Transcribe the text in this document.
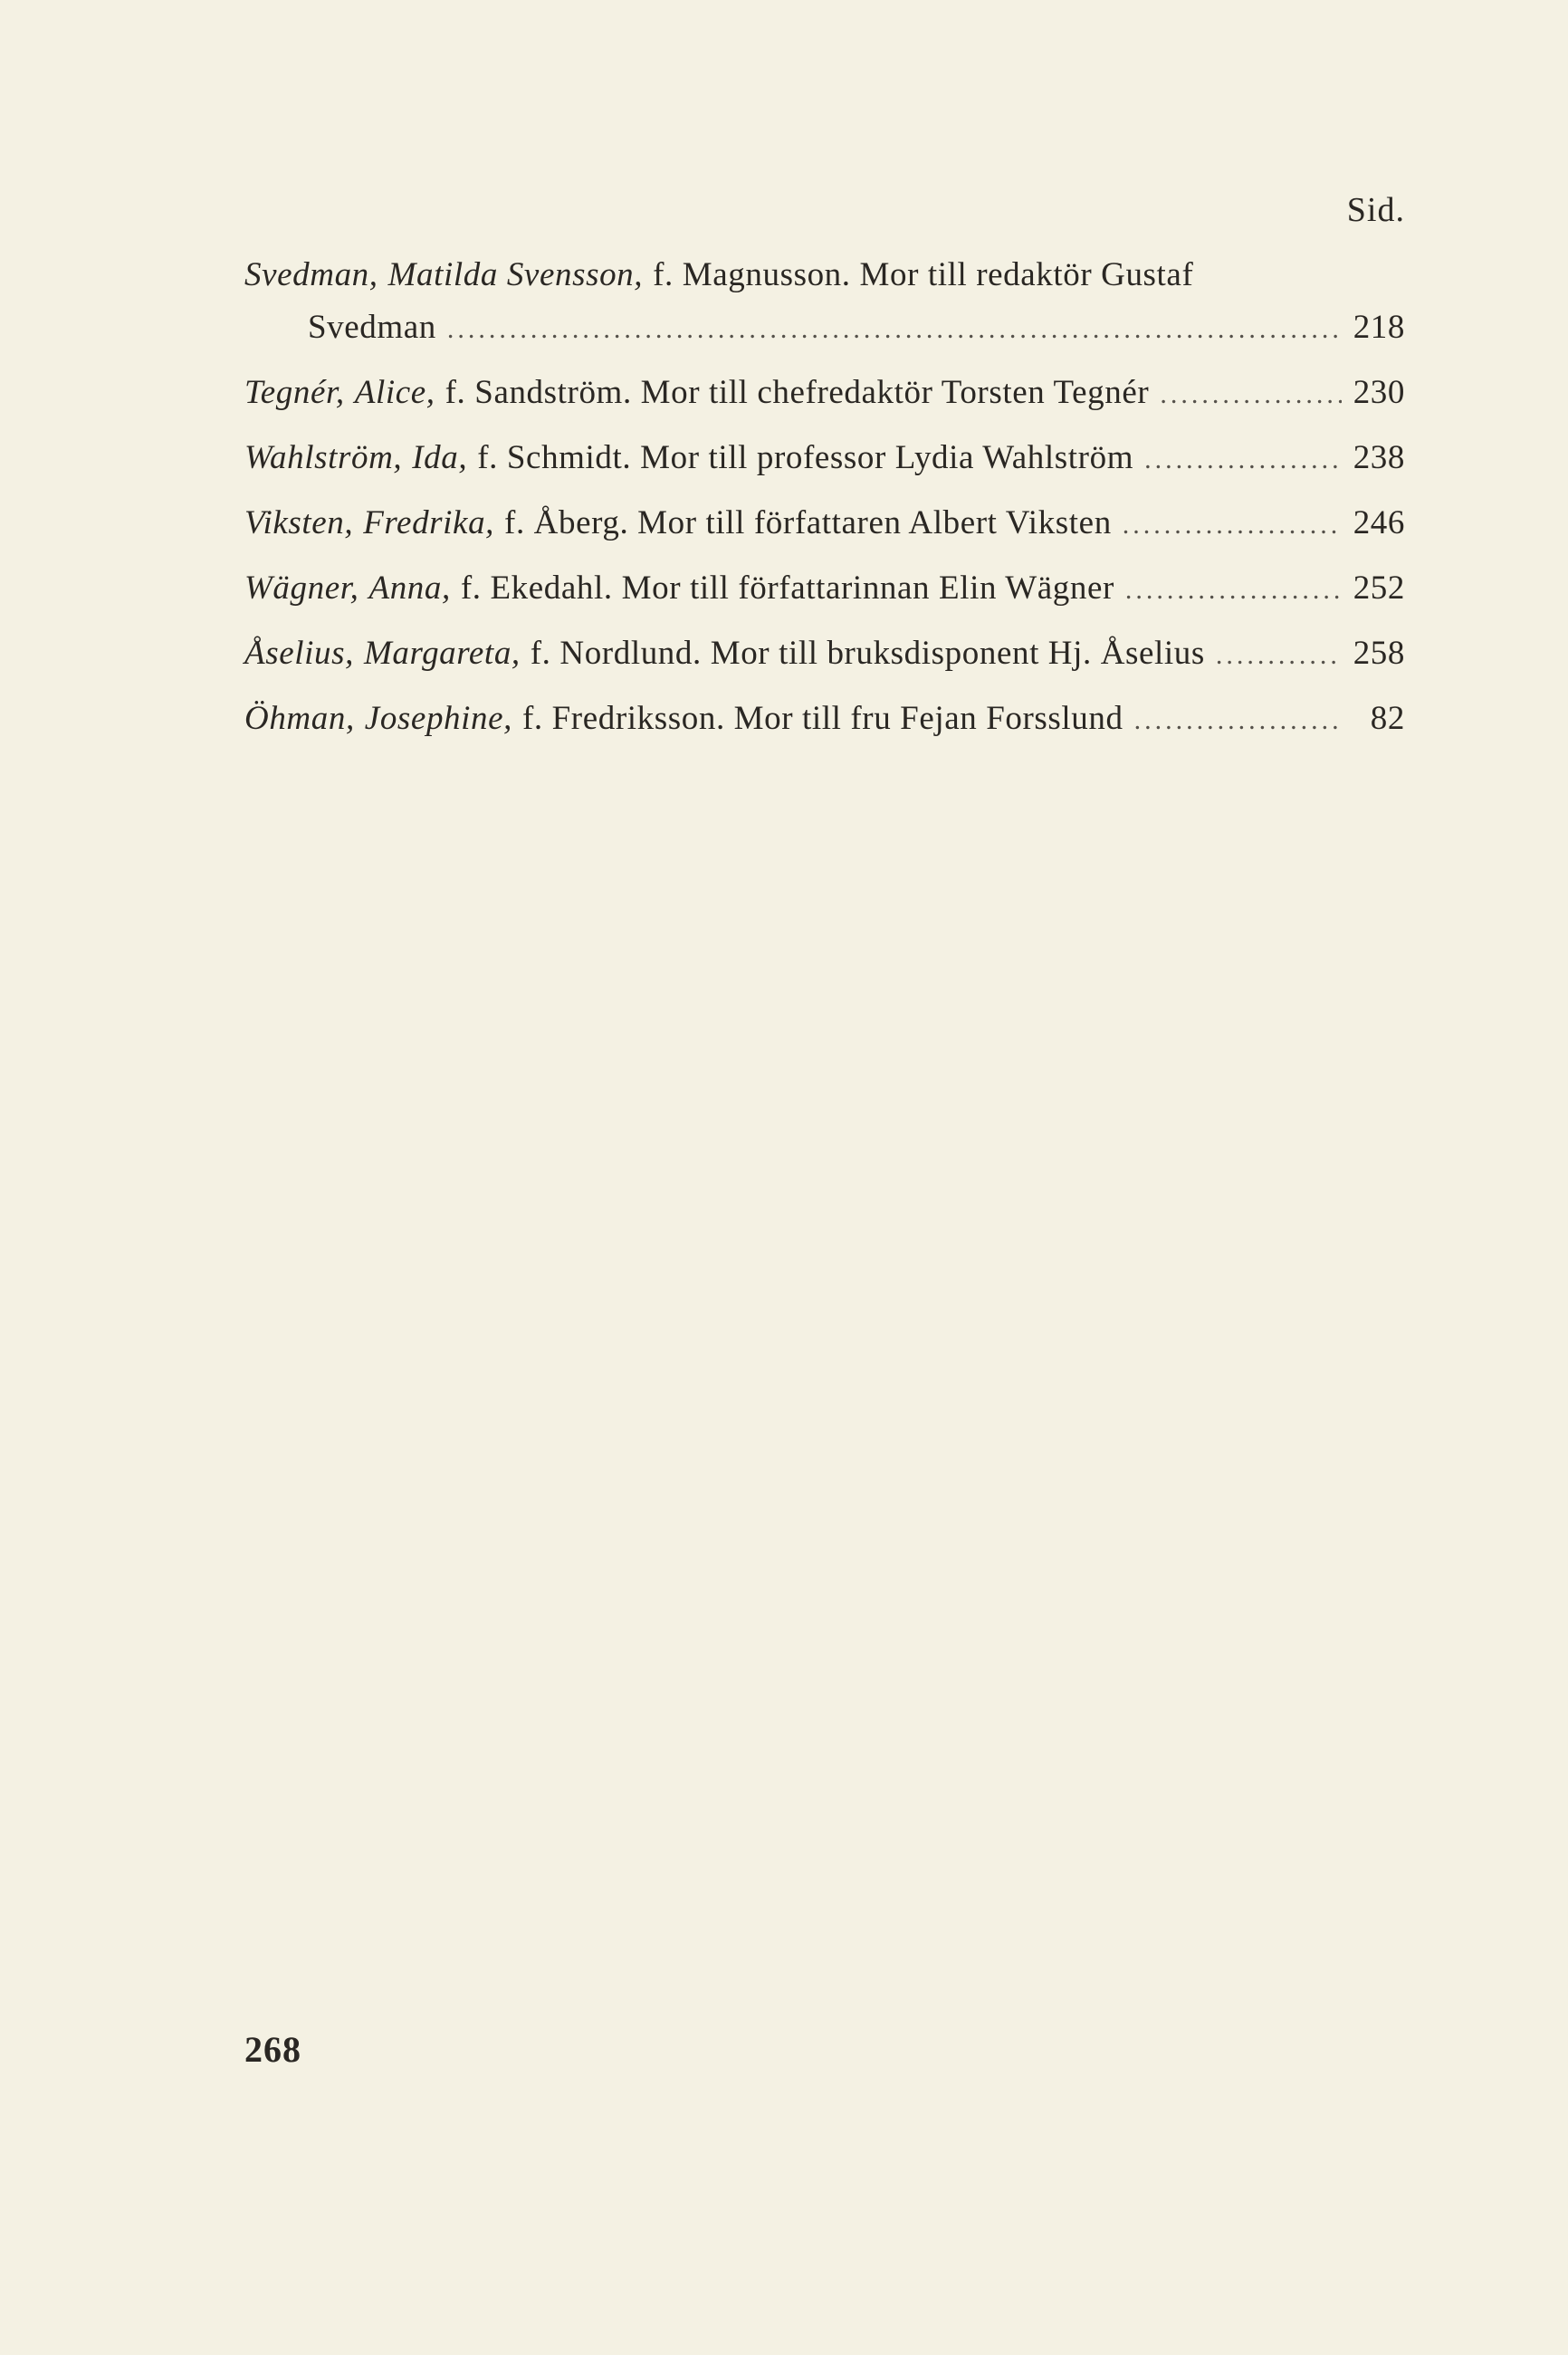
Sid.
Svedman, Matilda Svensson, f. Magnusson. Mor till redaktör Gustaf
Svedman .....	218
Tegnér, Alice, f. Sandström. Mor till chefredaktör Torsten Tegnér .....	230
Wahlström, Ida, f. Schmidt. Mor till professor Lydia Wahlström .....	238
Viksten, Fredrika, f. Åberg. Mor till författaren Albert Viksten .....	246
Wägner, Anna, f. Ekedahl. Mor till författarinnan Elin Wägner .....	252
Åselius, Margareta, f. Nordlund. Mor till bruksdisponent Hj. Åselius .....	258
Öhman, Josephine, f. Fredriksson. Mor till fru Fejan Forsslund .....	82
268
